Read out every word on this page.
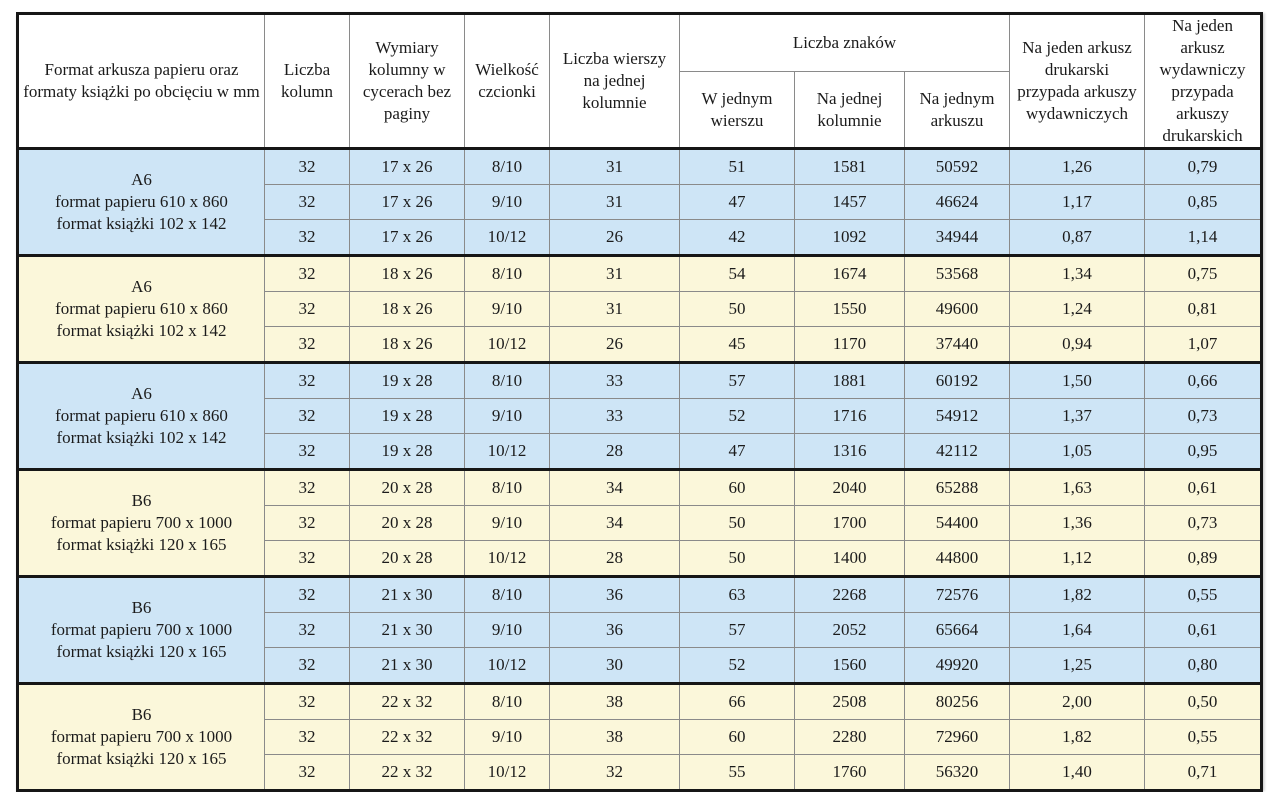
Format arkusza papieru oraz formaty książki po obcięciu w mm	Liczba kolumn	Wymiary kolumny w cycerach bez paginy	Wielkość czcionki	Liczba wierszy na jednej kolumnie	Liczba znaków			Na jeden arkusz drukarski przypada arkuszy wydawniczych	Na jeden arkusz wydawniczy przypada arkuszy drukarskich
					W jednym wierszu	Na jednej kolumnie	Na jednym arkuszu		

A6
format papieru 610 x 860
format książki 102 x 142	32	17 x 26	8/10	31	51	1581	50592	1,26	0,79
	32	17 x 26	9/10	31	47	1457	46624	1,17	0,85
	32	17 x 26	10/12	26	42	1092	34944	0,87	1,14

A6
format papieru 610 x 860
format książki 102 x 142	32	18 x 26	8/10	31	54	1674	53568	1,34	0,75
	32	18 x 26	9/10	31	50	1550	49600	1,24	0,81
	32	18 x 26	10/12	26	45	1170	37440	0,94	1,07

A6
format papieru 610 x 860
format książki 102 x 142	32	19 x 28	8/10	33	57	1881	60192	1,50	0,66
	32	19 x 28	9/10	33	52	1716	54912	1,37	0,73
	32	19 x 28	10/12	28	47	1316	42112	1,05	0,95

B6
format papieru 700 x 1000
format książki 120 x 165	32	20 x 28	8/10	34	60	2040	65288	1,63	0,61
	32	20 x 28	9/10	34	50	1700	54400	1,36	0,73
	32	20 x 28	10/12	28	50	1400	44800	1,12	0,89

B6
format papieru 700 x 1000
format książki 120 x 165	32	21 x 30	8/10	36	63	2268	72576	1,82	0,55
	32	21 x 30	9/10	36	57	2052	65664	1,64	0,61
	32	21 x 30	10/12	30	52	1560	49920	1,25	0,80

B6
format papieru 700 x 1000
format książki 120 x 165	32	22 x 32	8/10	38	66	2508	80256	2,00	0,50
	32	22 x 32	9/10	38	60	2280	72960	1,82	0,55
	32	22 x 32	10/12	32	55	1760	56320	1,40	0,71
